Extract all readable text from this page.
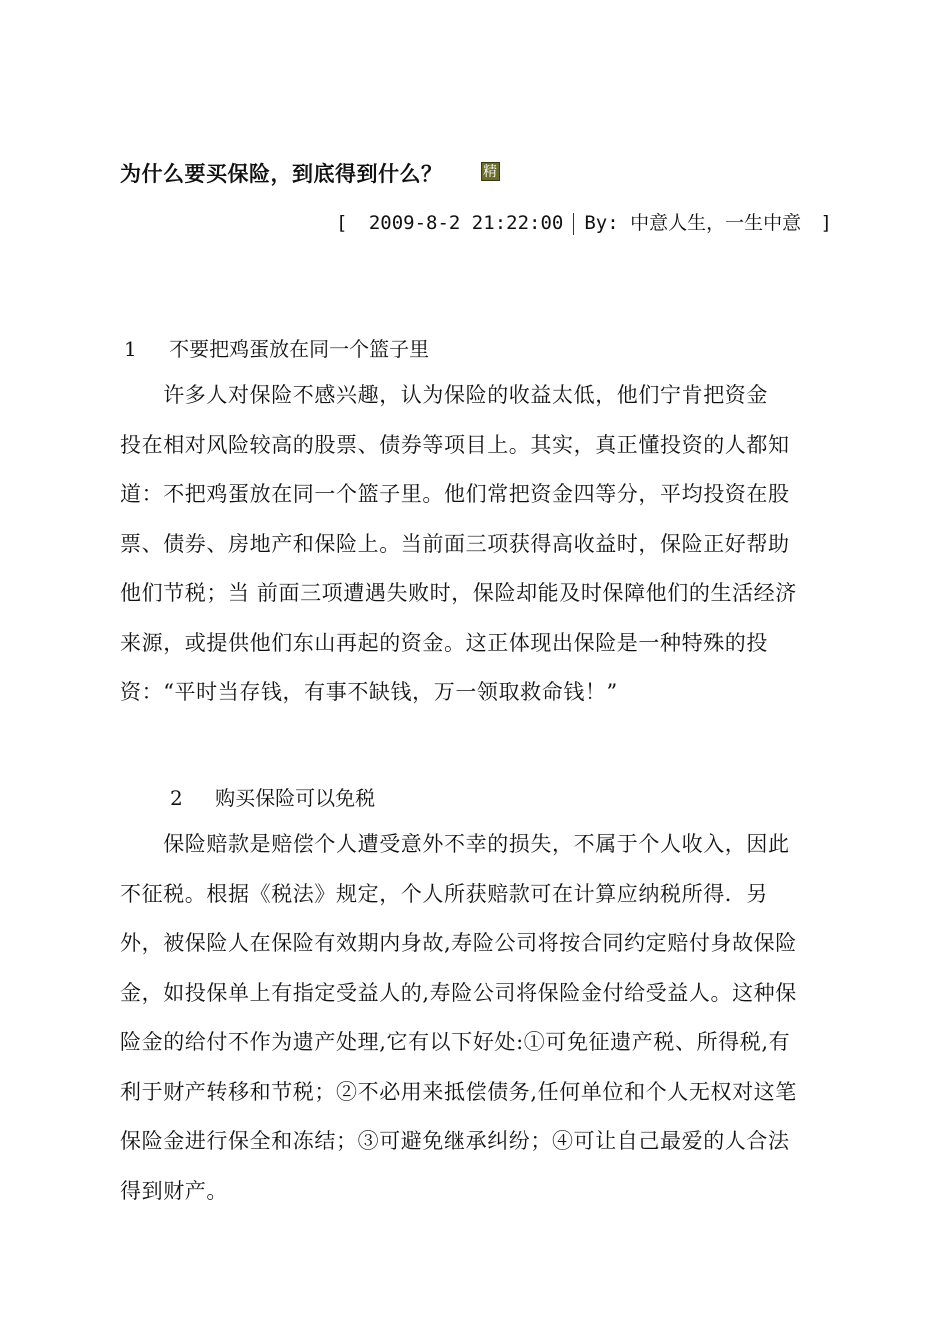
为什么要买保险，到底得到什么？	精
[ 2009-8-2 21:22:00 By: 中意人生，一生中意 ]
1 不要把鸡蛋放在同一个篮子里
　　许多人对保险不感兴趣，认为保险的收益太低，他们宁肯把资金
投在相对风险较高的股票、债券等项目上。其实，真正懂投资的人都知
道：不把鸡蛋放在同一个篮子里。他们常把资金四等分，平均投资在股
票、债券、房地产和保险上。当前面三项获得高收益时，保险正好帮助
他们节税；当 前面三项遭遇失败时，保险却能及时保障他们的生活经济
来源，或提供他们东山再起的资金。这正体现出保险是一种特殊的投
资：“平时当存钱，有事不缺钱，万一领取救命钱！”
2 购买保险可以免税
　　保险赔款是赔偿个人遭受意外不幸的损失，不属于个人收入，因此
不征税。根据《税法》规定，个人所获赔款可在计算应纳税所得．另
外，被保险人在保险有效期内身故,寿险公司将按合同约定赔付身故保险
金，如投保单上有指定受益人的,寿险公司将保险金付给受益人。这种保
险金的给付不作为遗产处理,它有以下好处:①可免征遗产税、所得税,有
利于财产转移和节税；②不必用来抵偿债务,任何单位和个人无权对这笔
保险金进行保全和冻结；③可避免继承纠纷；④可让自己最爱的人合法
得到财产。
